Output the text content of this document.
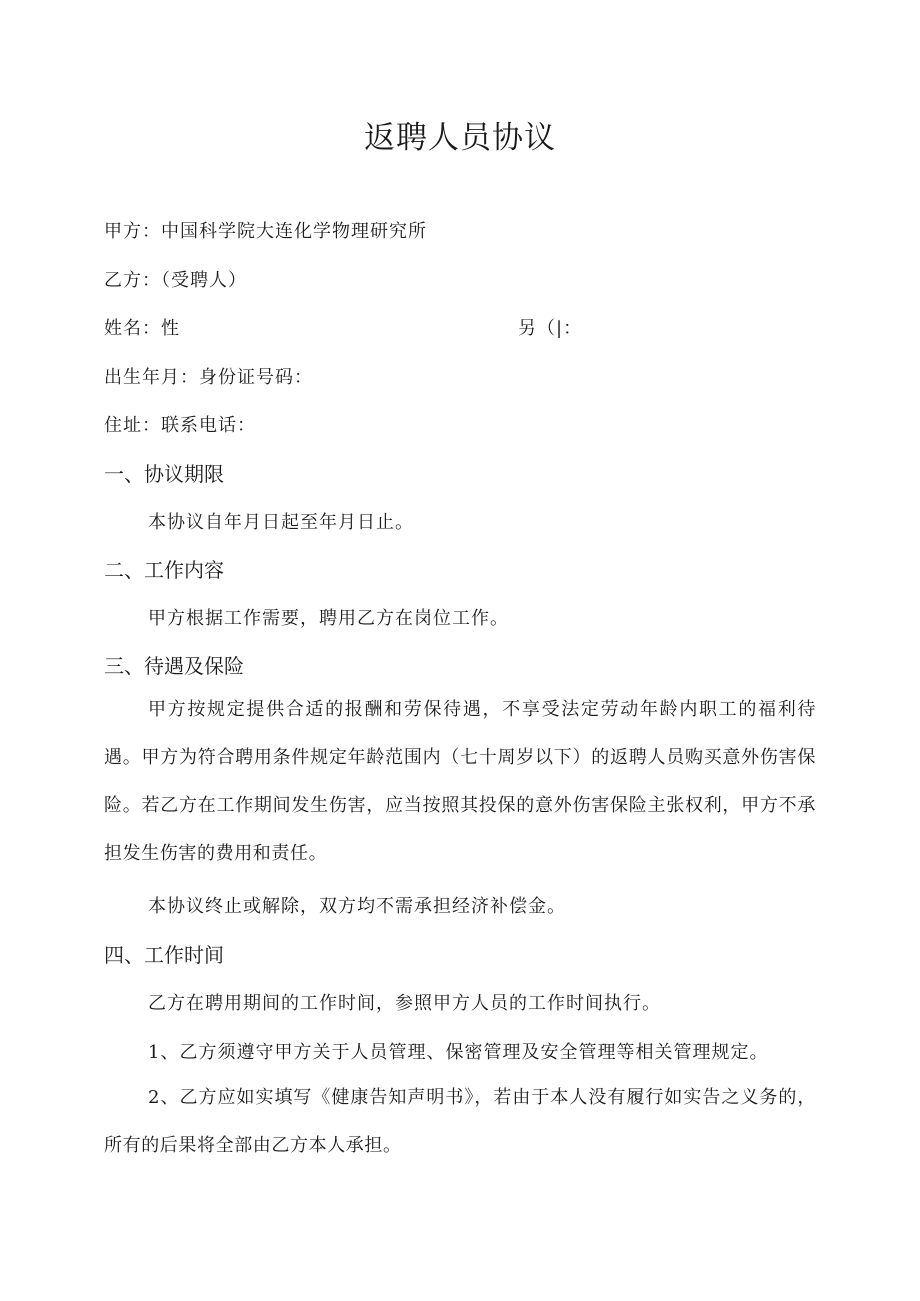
返聘人员协议
甲方：中国科学院大连化学物理研究所
乙方：（受聘人）
姓名：性	另（|：
出生年月：身份证号码：
住址：联系电话：
一、协议期限
本协议自年月日起至年月日止。
二、工作内容
甲方根据工作需要，聘用乙方在岗位工作。
三、待遇及保险
甲方按规定提供合适的报酬和劳保待遇，不享受法定劳动年龄内职工的福利待遇。甲方为符合聘用条件规定年龄范围内（七十周岁以下）的返聘人员购买意外伤害保险。若乙方在工作期间发生伤害，应当按照其投保的意外伤害保险主张权利，甲方不承担发生伤害的费用和责任。
本协议终止或解除，双方均不需承担经济补偿金。
四、工作时间
乙方在聘用期间的工作时间，参照甲方人员的工作时间执行。
1、乙方须遵守甲方关于人员管理、保密管理及安全管理等相关管理规定。
2、乙方应如实填写《健康告知声明书》，若由于本人没有履行如实告之义务的，所有的后果将全部由乙方本人承担。
